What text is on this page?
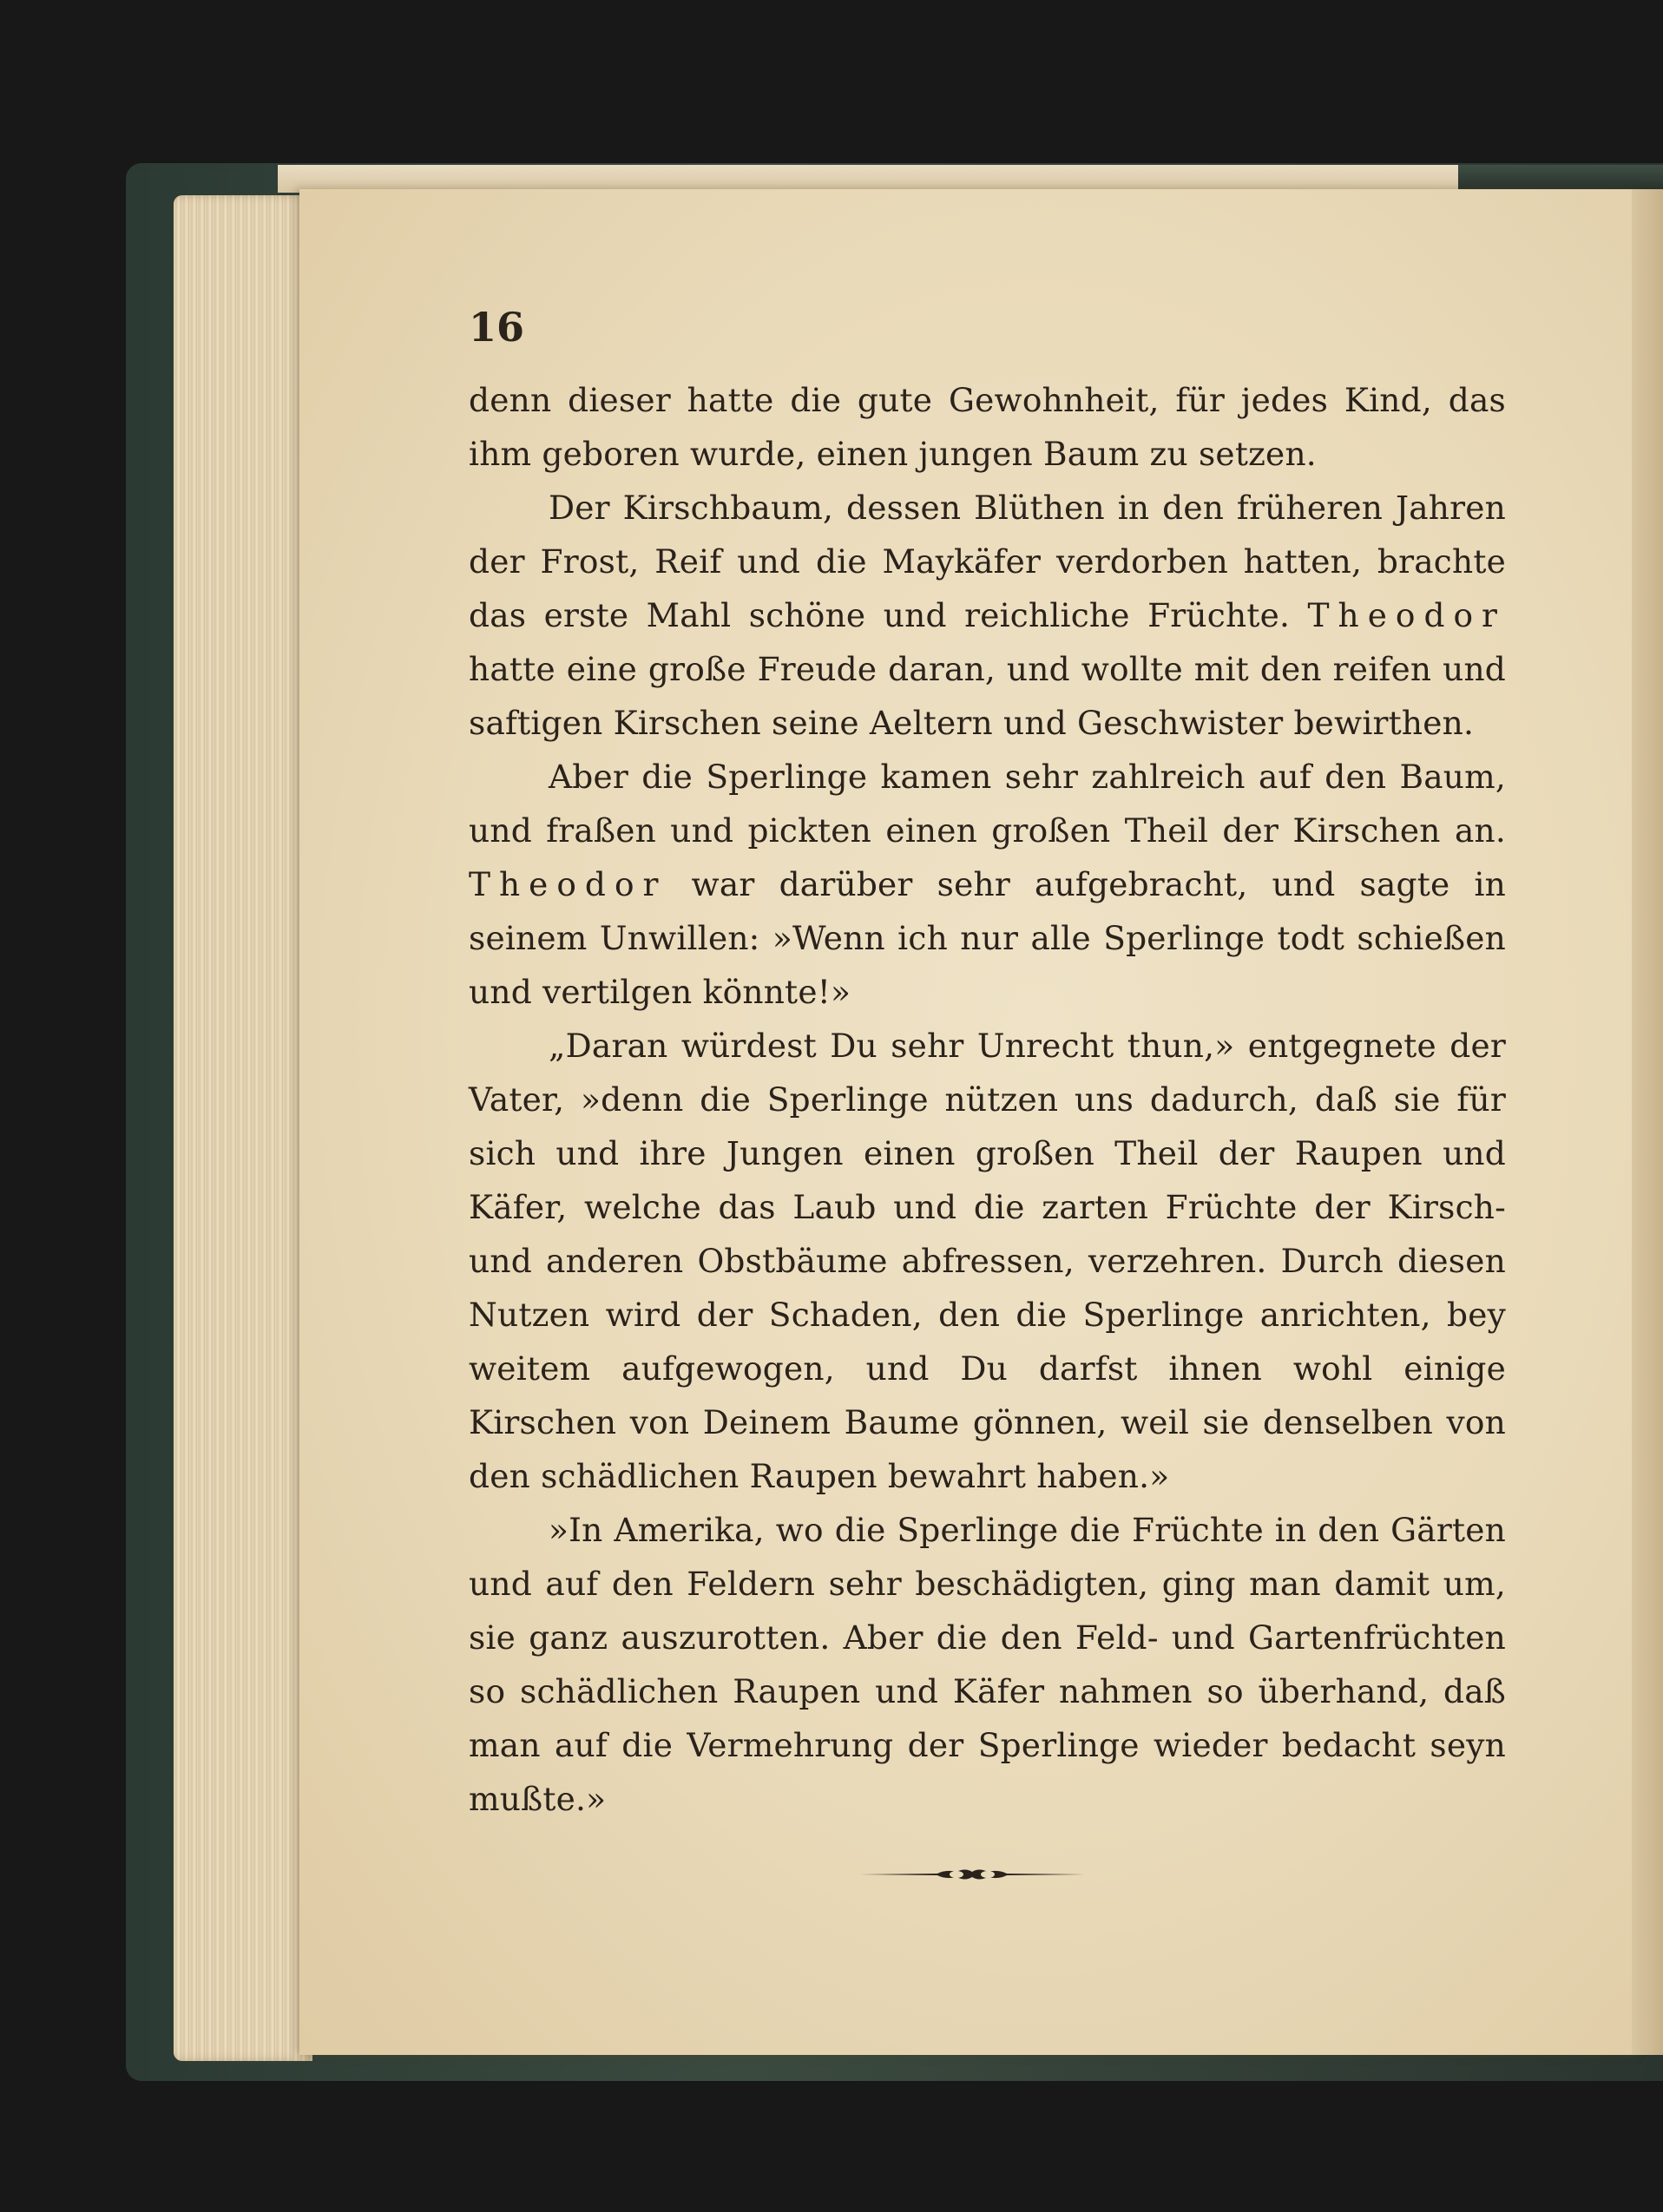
16

denn dieser hatte die gute Gewohnheit, für jedes Kind, das ihm geboren wurde, einen jungen Baum zu setzen.

Der Kirschbaum, dessen Blüthen in den früheren Jahren der Frost, Reif und die Maykäfer verdorben hatten, brachte das erste Mahl schöne und reichliche Früchte. Theodor hatte eine große Freude daran, und wollte mit den reifen und saftigen Kirschen seine Aeltern und Geschwister bewirthen.

Aber die Sperlinge kamen sehr zahlreich auf den Baum, und fraßen und pickten einen großen Theil der Kirschen an. Theodor war darüber sehr aufgebracht, und sagte in seinem Unwillen: »Wenn ich nur alle Sperlinge todt schießen und vertilgen könnte!»

„Daran würdest Du sehr Unrecht thun,» entgegnete der Vater, »denn die Sperlinge nützen uns dadurch, daß sie für sich und ihre Jungen einen großen Theil der Raupen und Käfer, welche das Laub und die zarten Früchte der Kirsch- und anderen Obstbäume abfressen, verzehren. Durch diesen Nutzen wird der Schaden, den die Sperlinge anrichten, bey weitem aufgewogen, und Du darfst ihnen wohl einige Kirschen von Deinem Baume gönnen, weil sie denselben von den schädlichen Raupen bewahrt haben.»

»In Amerika, wo die Sperlinge die Früchte in den Gärten und auf den Feldern sehr beschädigten, ging man damit um, sie ganz auszurotten. Aber die den Feld- und Gartenfrüchten so schädlichen Raupen und Käfer nahmen so überhand, daß man auf die Vermehrung der Sperlinge wieder bedacht seyn mußte.»
